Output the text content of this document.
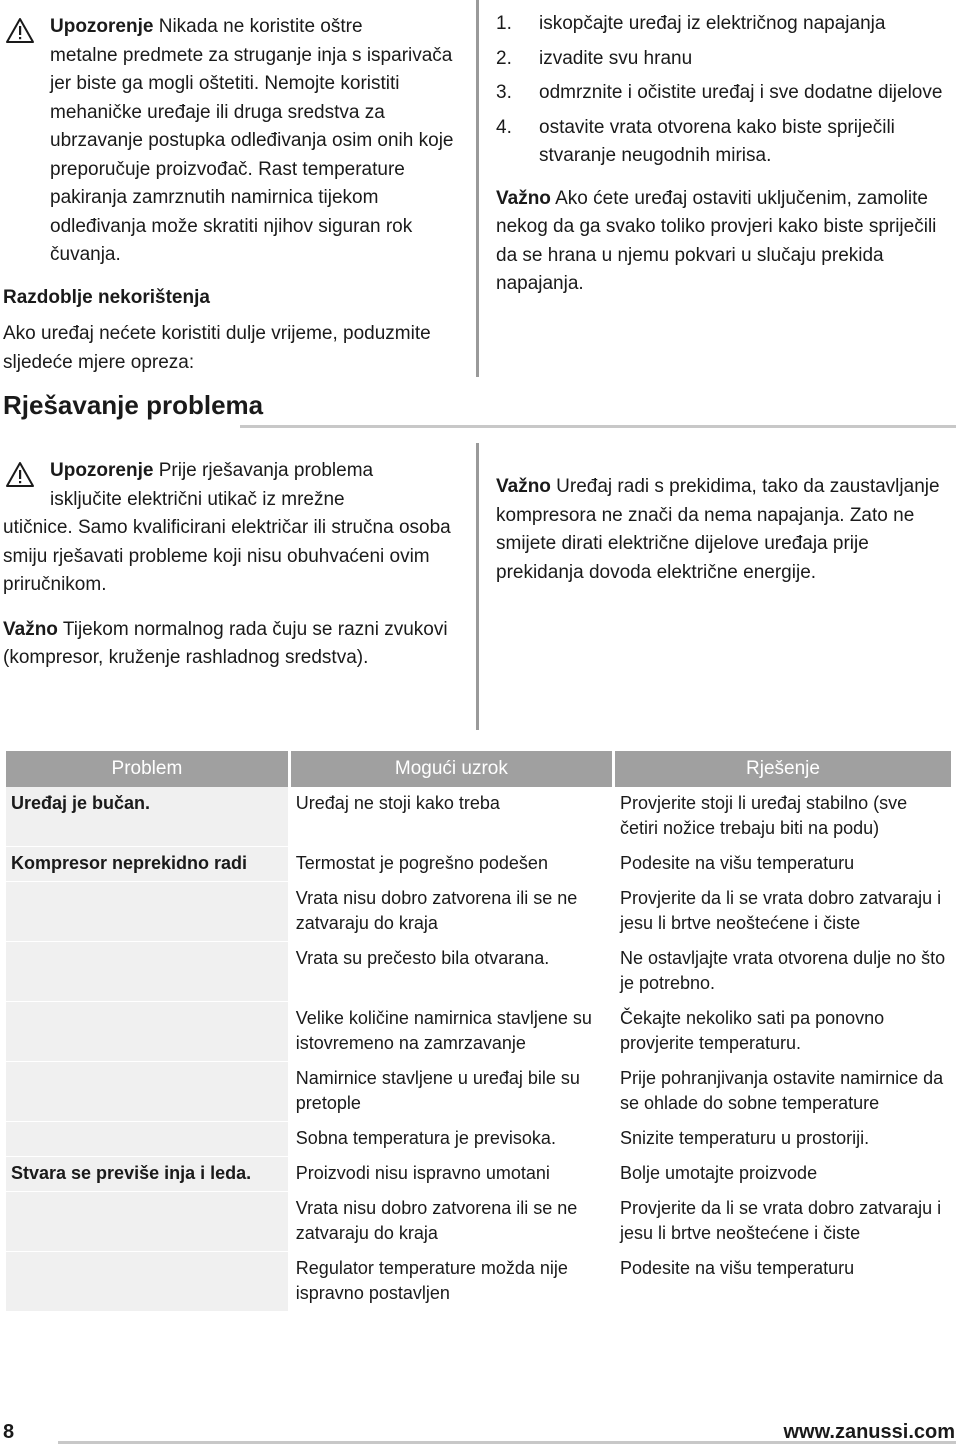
Upozorenje Nikada ne koristite oštre

metalne predmete za struganje inja s isparivača jer biste ga mogli oštetiti. Nemojte koristiti mehaničke uređaje ili druga sredstva za ubrzavanje postupka odleđivanja osim onih koje preporučuje proizvođač. Rast temperature pakiranja zamrznutih namirnica tijekom odleđivanja može skratiti njihov siguran rok čuvanja.

Razdoblje nekorištenja

Ako uređaj nećete koristiti dulje vrijeme, poduzmite sljedeće mjere opreza:

1. iskopčajte uređaj iz električnog napajanja
2. izvadite svu hranu
3. odmrznite i očistite uređaj i sve dodatne dijelove
4. ostavite vrata otvorena kako biste spriječili stvaranje neugodnih mirisa.

Važno Ako ćete uređaj ostaviti uključenim, zamolite nekog da ga svako toliko provjeri kako biste spriječili da se hrana u njemu pokvari u slučaju prekida napajanja.

Rješavanje problema

Upozorenje Prije rješavanja problema

isključite električni utikač iz mrežne

utičnice. Samo kvalificirani električar ili stručna osoba smiju rješavati probleme koji nisu obuhvaćeni ovim priručnikom.

Važno Tijekom normalnog rada čuju se razni zvukovi (kompresor, kruženje rashladnog sredstva).

Važno Uređaj radi s prekidima, tako da zaustavljanje kompresora ne znači da nema napajanja. Zato ne smijete dirati električne dijelove uređaja prije prekidanja dovoda električne energije.

Problem	Mogući uzrok	Rješenje
Uređaj je bučan.	Uređaj ne stoji kako treba	Provjerite stoji li uređaj stabilno (sve četiri nožice trebaju biti na podu)
Kompresor neprekidno radi	Termostat je pogrešno podešen	Podesite na višu temperaturu
	Vrata nisu dobro zatvorena ili se ne zatvaraju do kraja	Provjerite da li se vrata dobro zatvaraju i jesu li brtve neoštećene i čiste
	Vrata su prečesto bila otvarana.	Ne ostavljajte vrata otvorena dulje no što je potrebno.
	Velike količine namirnica stavljene su istovremeno na zamrzavanje	Čekajte nekoliko sati pa ponovno provjerite temperaturu.
	Namirnice stavljene u uređaj bile su pretople	Prije pohranjivanja ostavite namirnice da se ohlade do sobne temperature
	Sobna temperatura je previsoka.	Snizite temperaturu u prostoriji.
Stvara se previše inja i leda.	Proizvodi nisu ispravno umotani	Bolje umotajte proizvode
	Vrata nisu dobro zatvorena ili se ne zatvaraju do kraja	Provjerite da li se vrata dobro zatvaraju i jesu li brtve neoštećene i čiste
	Regulator temperature možda nije ispravno postavljen	Podesite na višu temperaturu
8	www.zanussi.com
